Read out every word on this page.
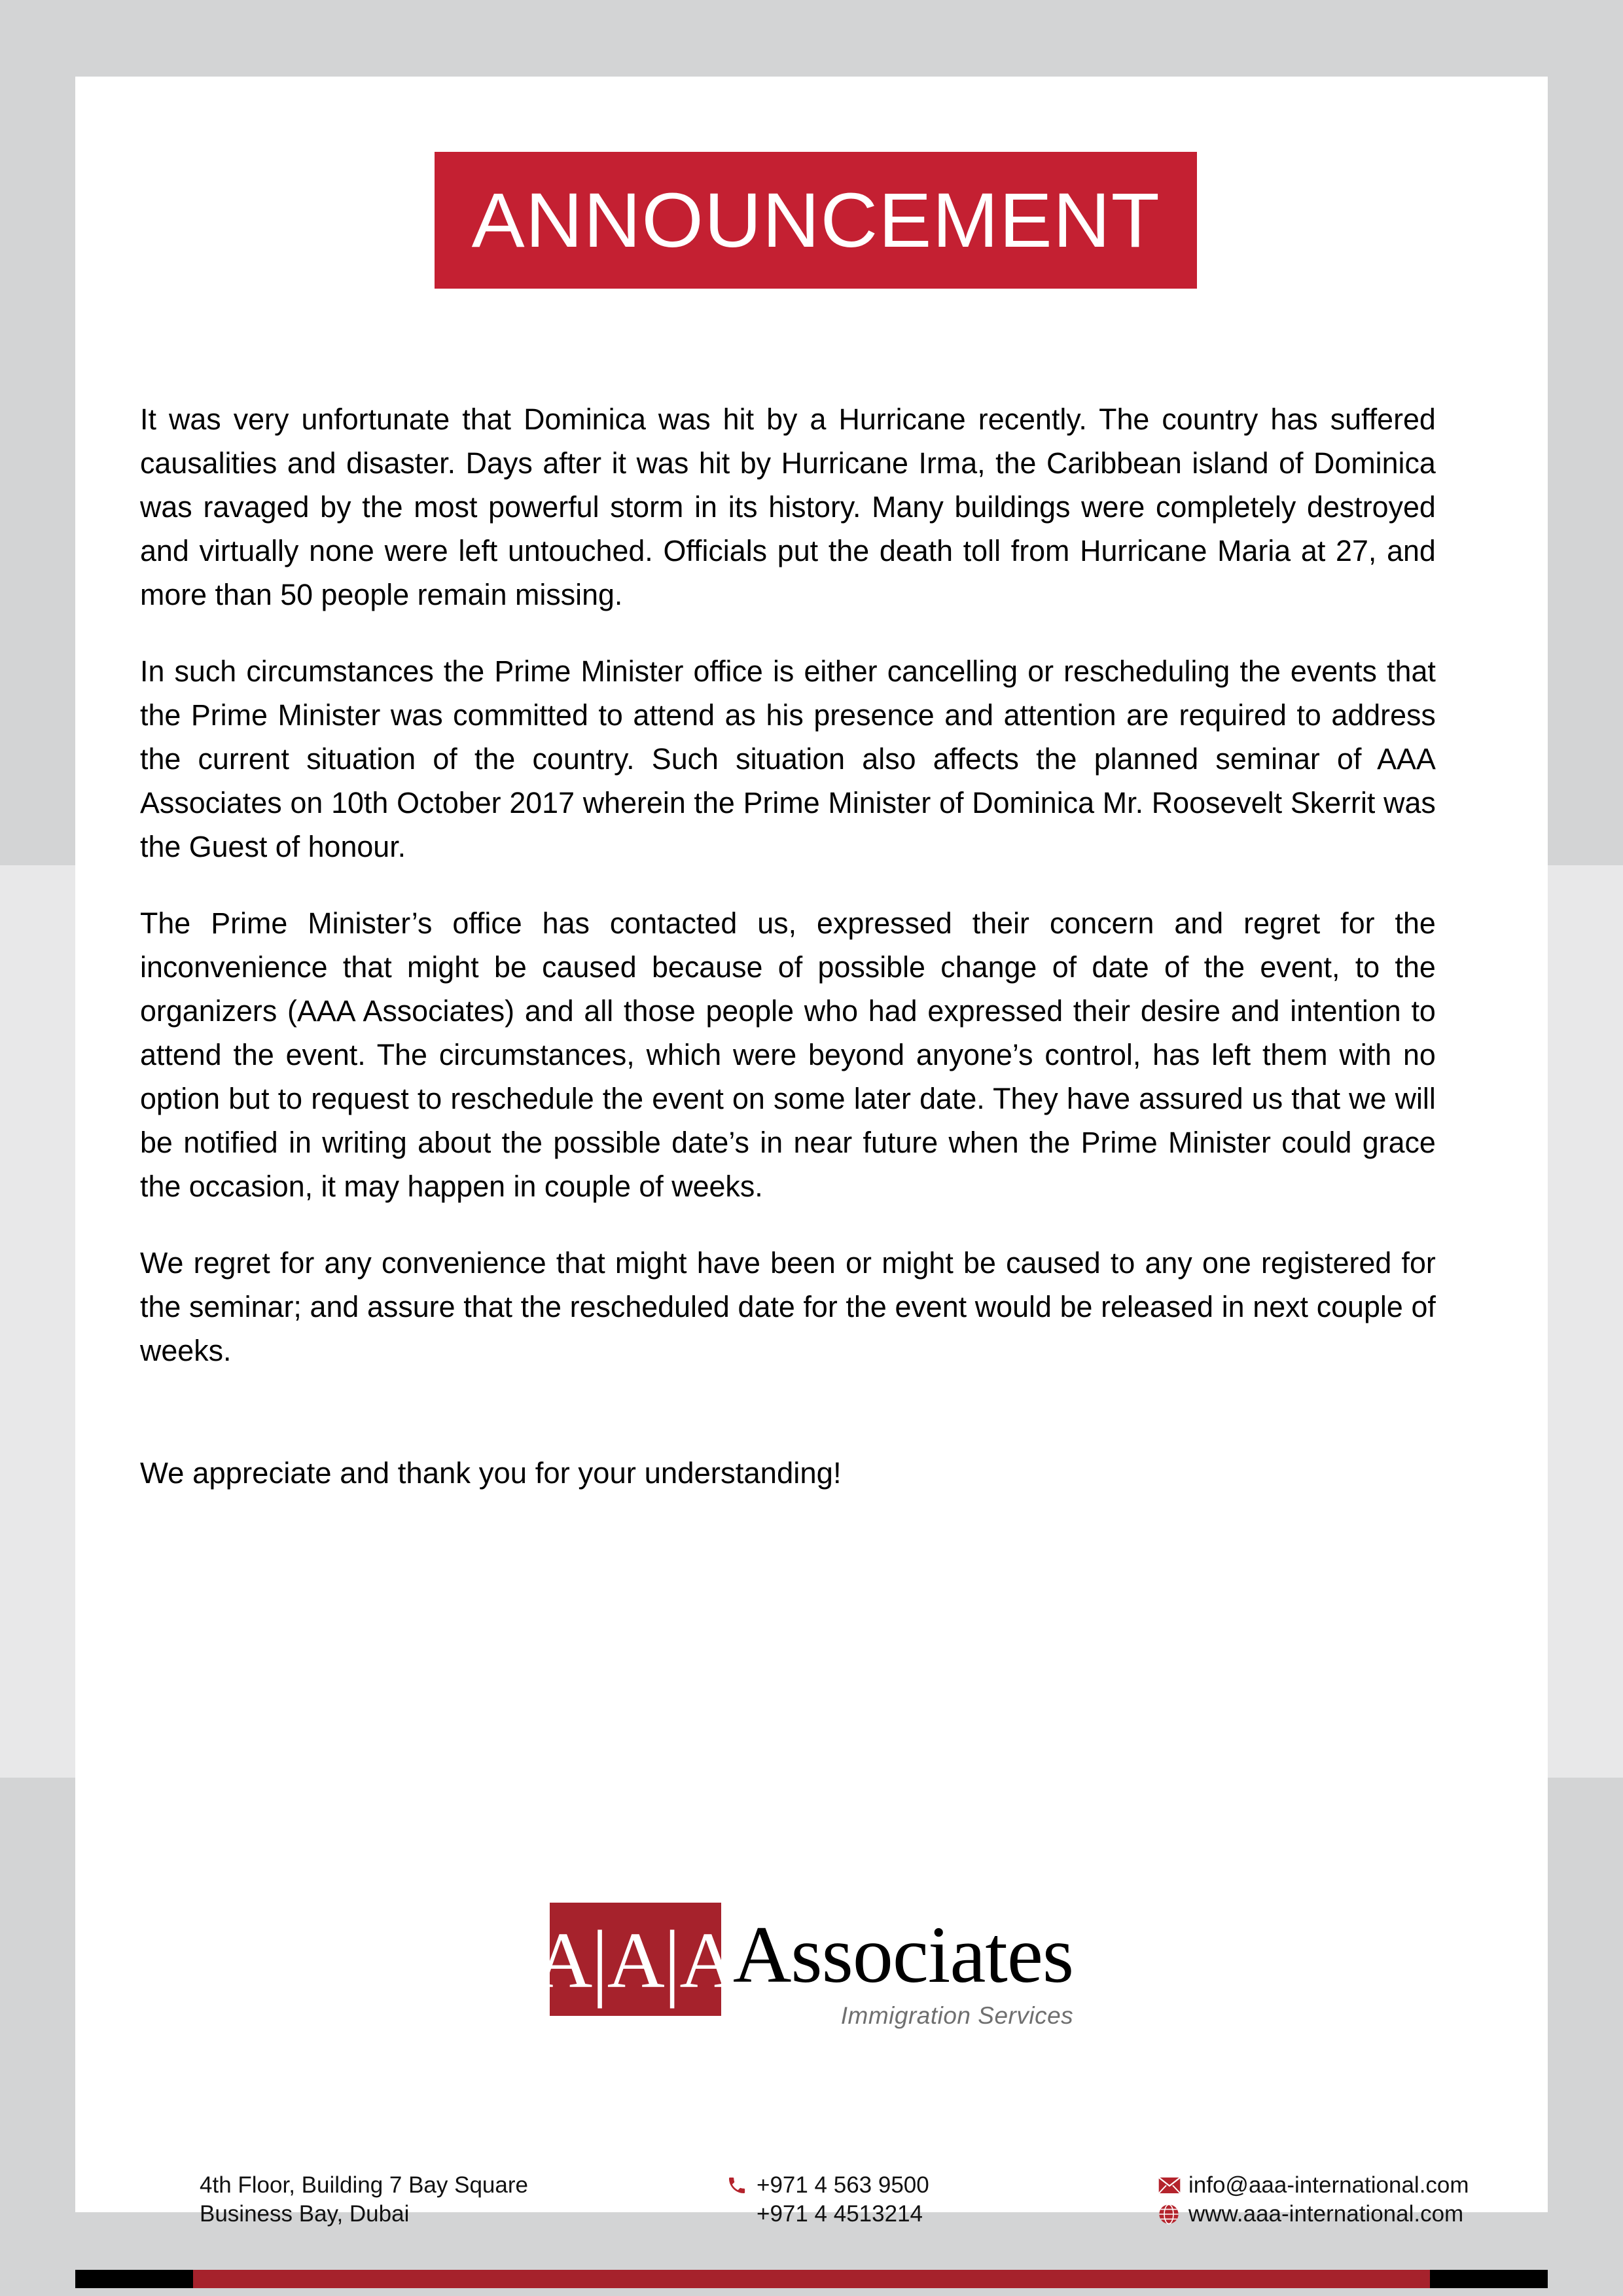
ANNOUNCEMENT

It was very unfortunate that Dominica was hit by a Hurricane recently. The country has suffered causalities and disaster. Days after it was hit by Hurricane Irma, the Caribbean island of Dominica was ravaged by the most powerful storm in its history. Many buildings were completely destroyed and virtually none were left untouched. Officials put the death toll from Hurricane Maria at 27, and more than 50 people remain missing.

In such circumstances the Prime Minister office is either cancelling or rescheduling the events that the Prime Minister was committed to attend as his presence and attention are required to address the current situation of the country. Such situation also affects the planned seminar of AAA Associates on 10th October 2017 wherein the Prime Minister of Dominica Mr. Roosevelt Skerrit was the Guest of honour.

The Prime Minister’s office has contacted us, expressed their concern and regret for the inconvenience that might be caused because of possible change of date of the event, to the organizers (AAA Associates) and all those people who had expressed their desire and intention to attend the event. The circumstances, which were beyond anyone’s control, has left them with no option but to request to reschedule the event on some later date. They have assured us that we will be notified in writing about the possible date’s in near future when the Prime Minister could grace the occasion, it may happen in couple of weeks.

We regret for any convenience that might have been or might be caused to any one registered for the seminar; and assure that the rescheduled date for the event would be released in next couple of weeks.

We appreciate and thank you for your understanding!

A|A|A
Associates
Immigration Services
4th Floor, Building 7 Bay Square
Business Bay, Dubai
+971 4 563 9500
+971 4 4513214
info@aaa-international.com
www.aaa-international.com
